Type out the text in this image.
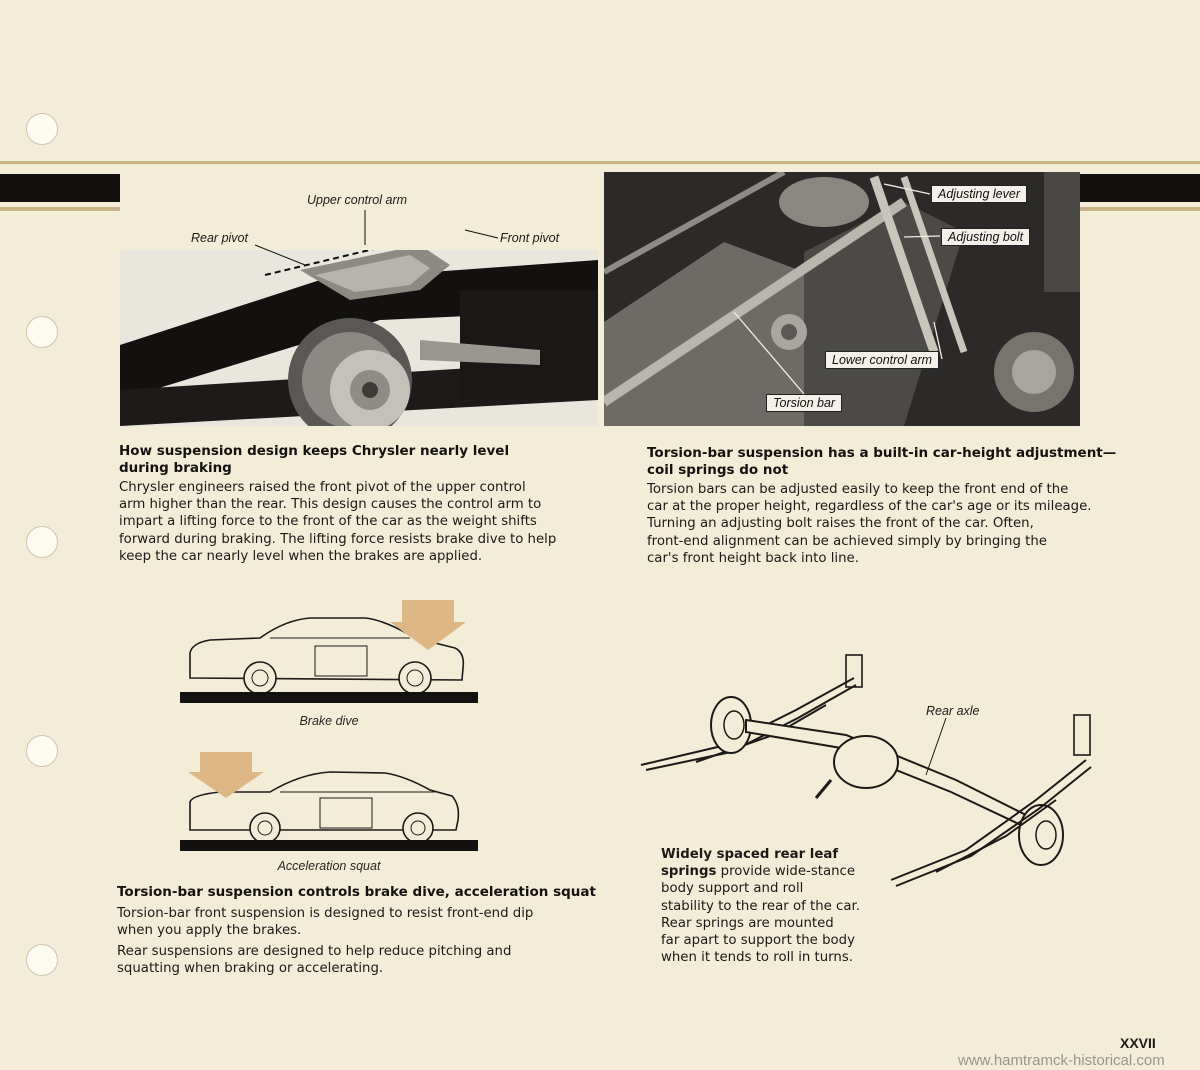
Upper control arm
Rear pivot	Front pivot
Adjusting lever
Adjusting bolt
Lower control arm
Torsion bar
How suspension design keeps Chrysler nearly level
during braking
Chrysler engineers raised the front pivot of the upper control
arm higher than the rear. This design causes the control arm to
impart a lifting force to the front of the car as the weight shifts
forward during braking. The lifting force resists brake dive to help
keep the car nearly level when the brakes are applied.
Torsion-bar suspension has a built-in car-height adjustment—
coil springs do not
Torsion bars can be adjusted easily to keep the front end of the
car at the proper height, regardless of the car's age or its mileage.
Turning an adjusting bolt raises the front of the car. Often,
front-end alignment can be achieved simply by bringing the
car's front height back into line.
Brake dive
Acceleration squat
Torsion-bar suspension controls brake dive, acceleration squat
Torsion-bar front suspension is designed to resist front-end dip
when you apply the brakes.
Rear suspensions are designed to help reduce pitching and
squatting when braking or accelerating.
Rear axle
Widely spaced rear leaf
springs provide wide-stance
body support and roll
stability to the rear of the car.
Rear springs are mounted
far apart to support the body
when it tends to roll in turns.
XXVII
www.hamtramck-historical.com
